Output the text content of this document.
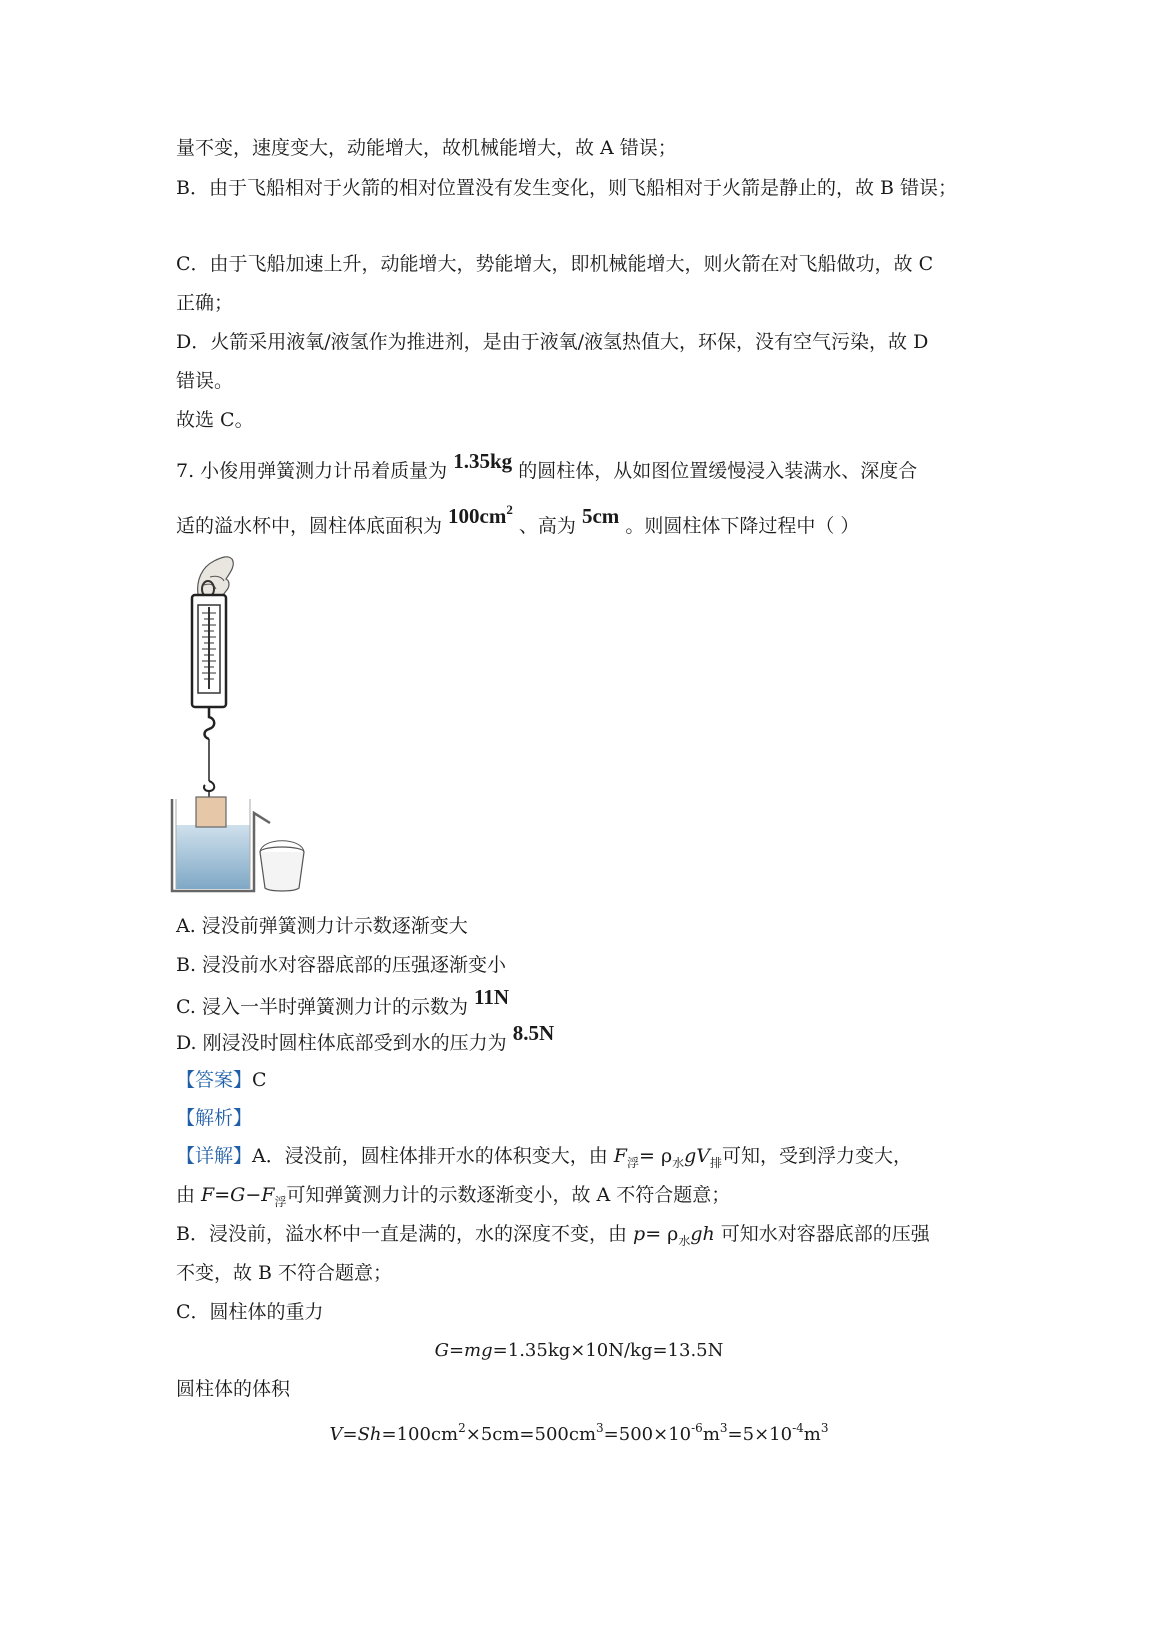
量不变，速度变大，动能增大，故机械能增大，故 A 错误；
B．由于飞船相对于火箭的相对位置没有发生变化，则飞船相对于火箭是静止的，故 B 错误；
C．由于飞船加速上升，动能增大，势能增大，即机械能增大，则火箭在对飞船做功，故 C
正确；
D．火箭采用液氧/液氢作为推进剂，是由于液氧/液氢热值大，环保，没有空气污染，故 D
错误。
故选 C。
7. 小俊用弹簧测力计吊着质量为 1.35kg 的圆柱体，从如图位置缓慢浸入装满水、深度合
适的溢水杯中，圆柱体底面积为 $100cm^2$ 、高为 5cm 。则圆柱体下降过程中（ ）
A. 浸没前弹簧测力计示数逐渐变大
B. 浸没前水对容器底部的压强逐渐变小
C. 浸入一半时弹簧测力计的示数为 11N
D. 刚浸没时圆柱体底部受到水的压力为 8.5N
【答案】C
【解析】
【详解】A．浸没前，圆柱体排开水的体积变大，由 $F_浮= \rho_水gV_排$可知，受到浮力变大，
由 $F=G-F_浮$可知弹簧测力计的示数逐渐变小，故 A 不符合题意；
B．浸没前，溢水杯中一直是满的，水的深度不变，由 $p= \rho_水gh$ 可知水对容器底部的压强
不变，故 B 不符合题意；
C．圆柱体的重力
G=mg=1.35kg×10N/kg=13.5N
圆柱体的体积
$V=Sh=100cm^2\times 5cm=500cm^3=500\times 10^{-6}m^3=5\times 10^{-4}m^3$
